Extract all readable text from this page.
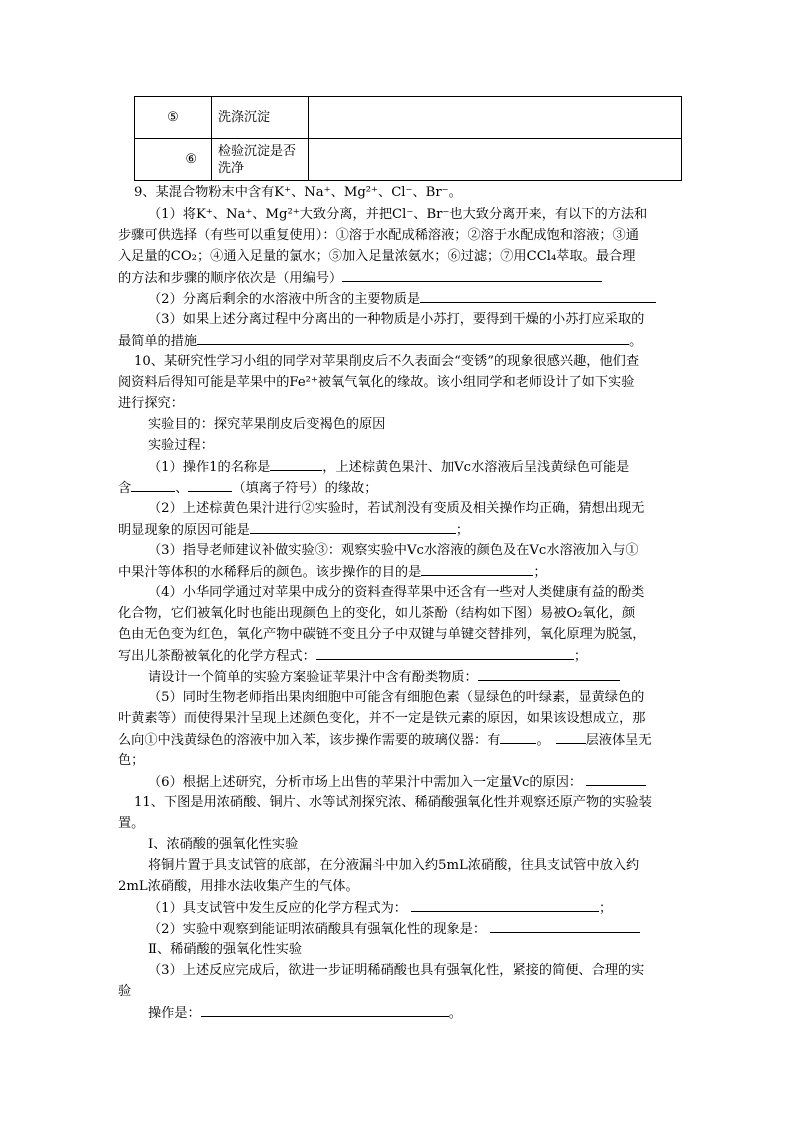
⑤	洗涤沉淀	
⑥	检验沉淀是否洗净	
9、某混合物粉末中含有K⁺、Na⁺、Mg²⁺、Cl⁻、Br⁻。
（1）将K⁺、Na⁺、Mg²⁺大致分离，并把Cl⁻、Br⁻也大致分离开来，有以下的方法和
步骤可供选择（有些可以重复使用）：①溶于水配成稀溶液；②溶于水配成饱和溶液；③通
入足量的CO₂；④通入足量的氯水；⑤加入足量浓氨水；⑥过滤；⑦用CCl₄萃取。最合理
的方法和步骤的顺序依次是（用编号）
（2）分离后剩余的水溶液中所含的主要物质是
（3）如果上述分离过程中分离出的一种物质是小苏打，要得到干燥的小苏打应采取的
最简单的措施	。
10、某研究性学习小组的同学对苹果削皮后不久表面会“变锈”的现象很感兴趣，他们查
阅资料后得知可能是苹果中的Fe²⁺被氧气氧化的缘故。该小组同学和老师设计了如下实验
进行探究：
实验目的：探究苹果削皮后变褐色的原因
实验过程：
（1）操作1的名称是	，上述棕黄色果汁、加Vc水溶液后呈浅黄绿色可能是
含	、	（填离子符号）的缘故；
（2）上述棕黄色果汁进行②实验时，若试剂没有变质及相关操作均正确，猜想出现无
明显现象的原因可能是	；
（3）指导老师建议补做实验③：观察实验中Vc水溶液的颜色及在Vc水溶液加入与①
中果汁等体积的水稀释后的颜色。该步操作的目的是	；
（4）小华同学通过对苹果中成分的资料查得苹果中还含有一些对人类健康有益的酚类
化合物，它们被氧化时也能出现颜色上的变化，如儿茶酚（结构如下图）易被O₂氧化，颜
色由无色变为红色，氧化产物中碳链不变且分子中双键与单键交替排列，氧化原理为脱氢，
写出儿茶酚被氧化的化学方程式：	；
请设计一个简单的实验方案验证苹果汁中含有酚类物质：
（5）同时生物老师指出果肉细胞中可能含有细胞色素（显绿色的叶绿素，显黄绿色的
叶黄素等）而使得果汁呈现上述颜色变化，并不一定是铁元素的原因，如果该设想成立，那
么向①中浅黄绿色的溶液中加入苯，该步操作需要的玻璃仪器：有	。	层液体呈无
色；
（6）根据上述研究，分析市场上出售的苹果汁中需加入一定量Vc的原因：
11、下图是用浓硝酸、铜片、水等试剂探究浓、稀硝酸强氧化性并观察还原产物的实验装
置。
Ⅰ、浓硝酸的强氧化性实验
将铜片置于具支试管的底部，在分液漏斗中加入约5mL浓硝酸，往具支试管中放入约
2mL浓硝酸，用排水法收集产生的气体。
（1）具支试管中发生反应的化学方程式为：	；
（2）实验中观察到能证明浓硝酸具有强氧化性的现象是：
Ⅱ、稀硝酸的强氧化性实验
（3）上述反应完成后，欲进一步证明稀硝酸也具有强氧化性，紧接的简便、合理的实
验
操作是：	。
